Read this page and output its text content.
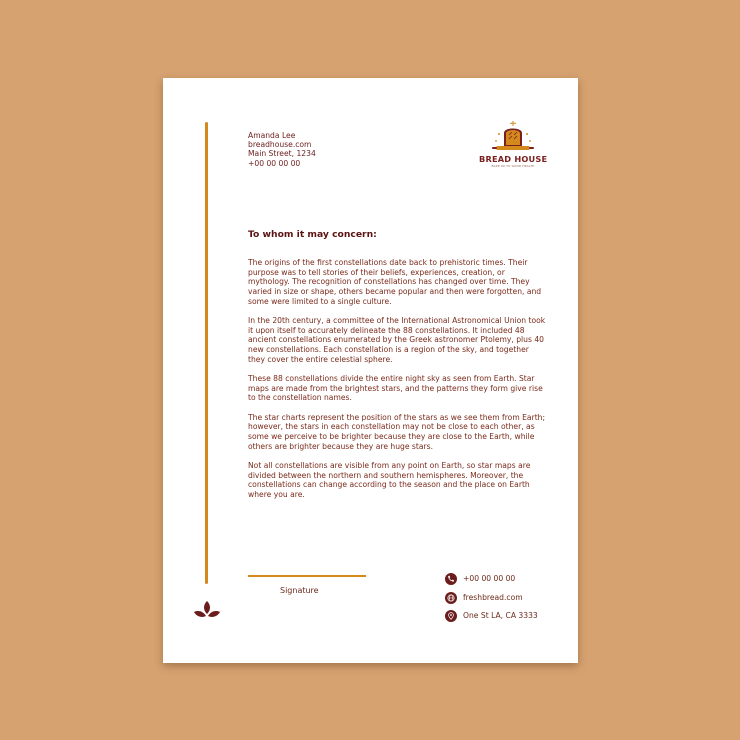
Amanda Lee
breadhouse.com
Main Street, 1234
+00 00 00 00	BREAD HOUSE
BAKE UP TO GOOD HEALTH
To whom it may concern:

The origins of the first constellations date back to prehistoric times. Their purpose was to tell stories of their beliefs, experiences, creation, or mythology. The recognition of constellations has changed over time. They varied in size or shape, others became popular and then were forgotten, and some were limited to a single culture.

In the 20th century, a committee of the International Astronomical Union took it upon itself to accurately delineate the 88 constellations. It included 48 ancient constellations enumerated by the Greek astronomer Ptolemy, plus 40 new constellations. Each constellation is a region of the sky, and together they cover the entire celestial sphere.

These 88 constellations divide the entire night sky as seen from Earth. Star maps are made from the brightest stars, and the patterns they form give rise to the constellation names.

The star charts represent the position of the stars as we see them from Earth; however, the stars in each constellation may not be close to each other, as some we perceive to be brighter because they are close to the Earth, while others are brighter because they are huge stars.

Not all constellations are visible from any point on Earth, so star maps are divided between the northern and southern hemispheres. Moreover, the constellations can change according to the season and the place on Earth where you are.

Signature
+00 00 00 00
freshbread.com
One St LA, CA 3333
